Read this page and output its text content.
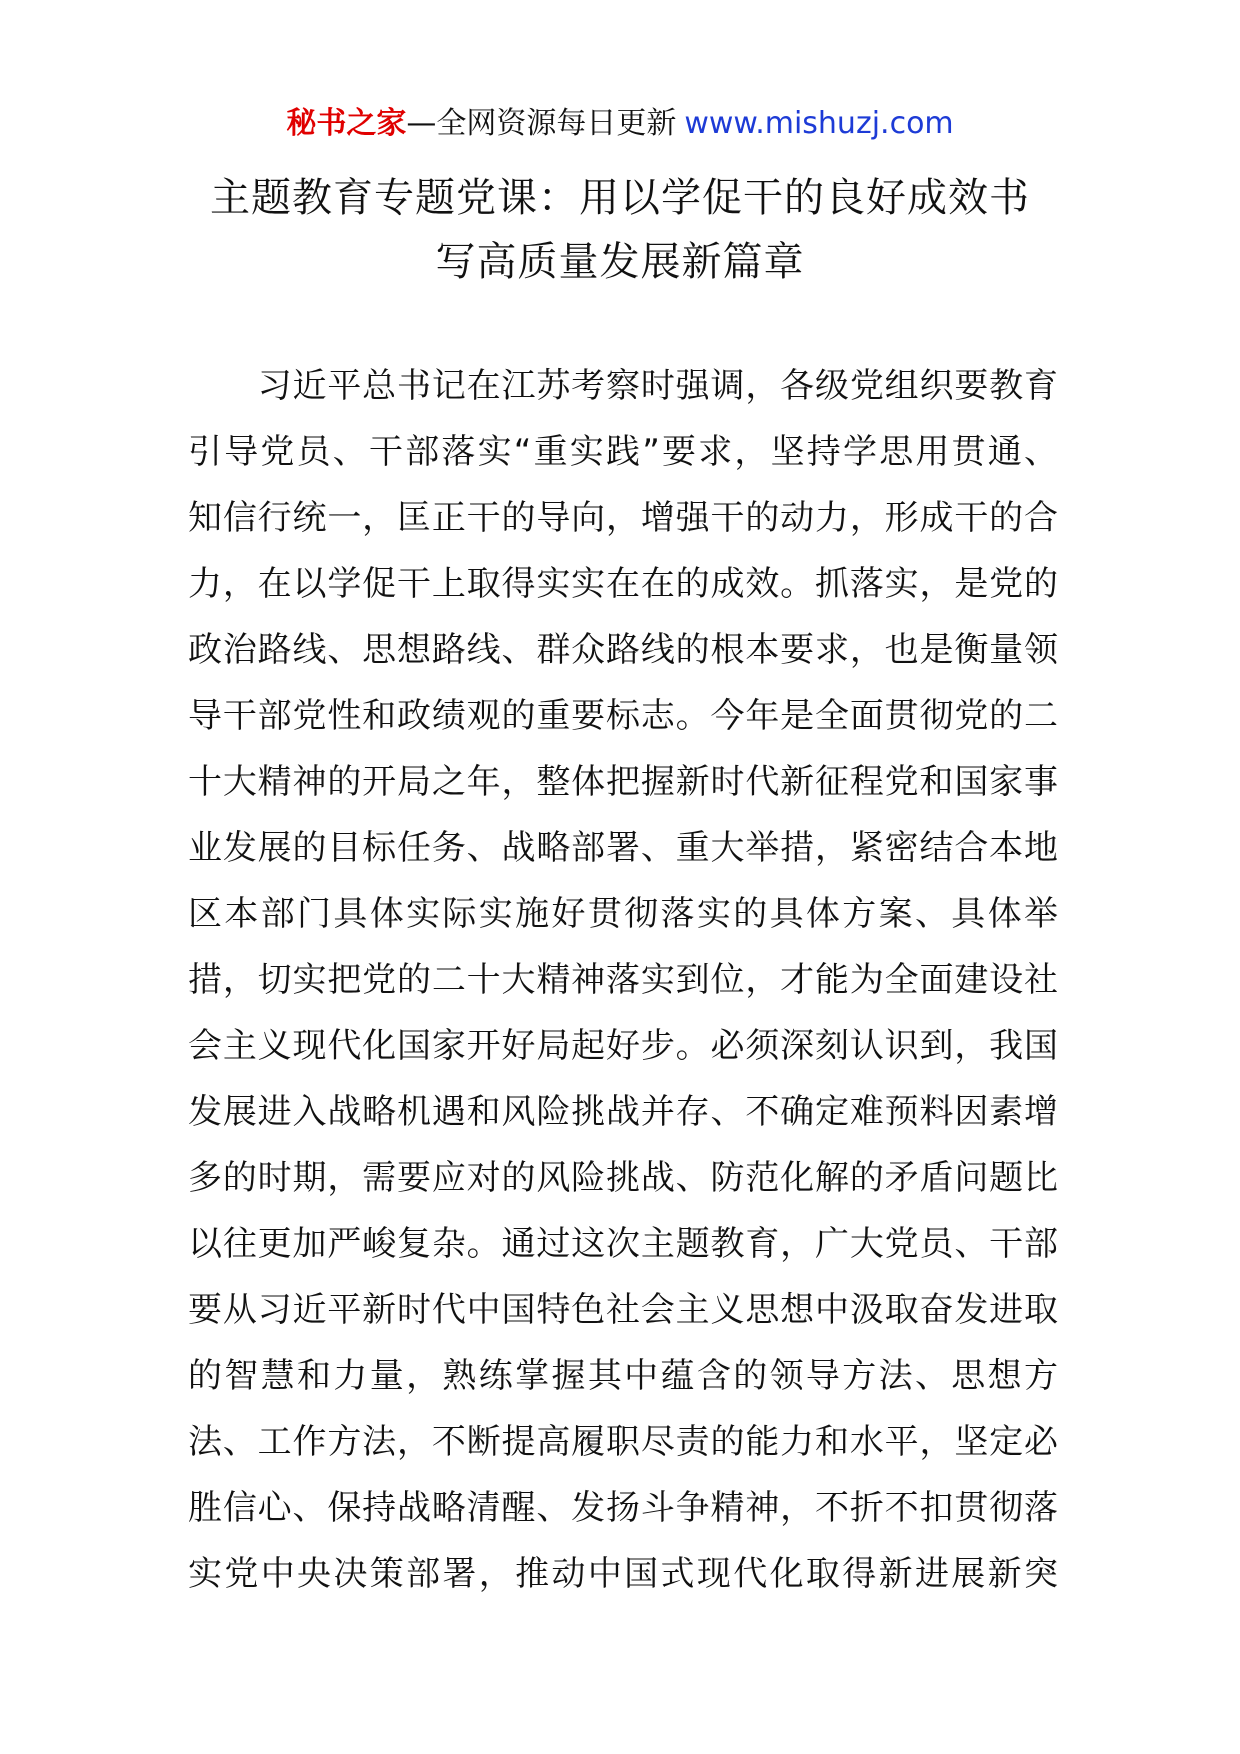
秘书之家—全网资源每日更新 www.mishuzj.com
主题教育专题党课：用以学促干的良好成效书
写高质量发展新篇章
　　习近平总书记在江苏考察时强调，各级党组织要教育
引导党员、干部落实“重实践”要求，坚持学思用贯通、
知信行统一，匡正干的导向，增强干的动力，形成干的合
力，在以学促干上取得实实在在的成效。抓落实，是党的
政治路线、思想路线、群众路线的根本要求，也是衡量领
导干部党性和政绩观的重要标志。今年是全面贯彻党的二
十大精神的开局之年，整体把握新时代新征程党和国家事
业发展的目标任务、战略部署、重大举措，紧密结合本地
区本部门具体实际实施好贯彻落实的具体方案、具体举
措，切实把党的二十大精神落实到位，才能为全面建设社
会主义现代化国家开好局起好步。必须深刻认识到，我国
发展进入战略机遇和风险挑战并存、不确定难预料因素增
多的时期，需要应对的风险挑战、防范化解的矛盾问题比
以往更加严峻复杂。通过这次主题教育，广大党员、干部
要从习近平新时代中国特色社会主义思想中汲取奋发进取
的智慧和力量，熟练掌握其中蕴含的领导方法、思想方
法、工作方法，不断提高履职尽责的能力和水平，坚定必
胜信心、保持战略清醒、发扬斗争精神，不折不扣贯彻落
实党中央决策部署，推动中国式现代化取得新进展新突
